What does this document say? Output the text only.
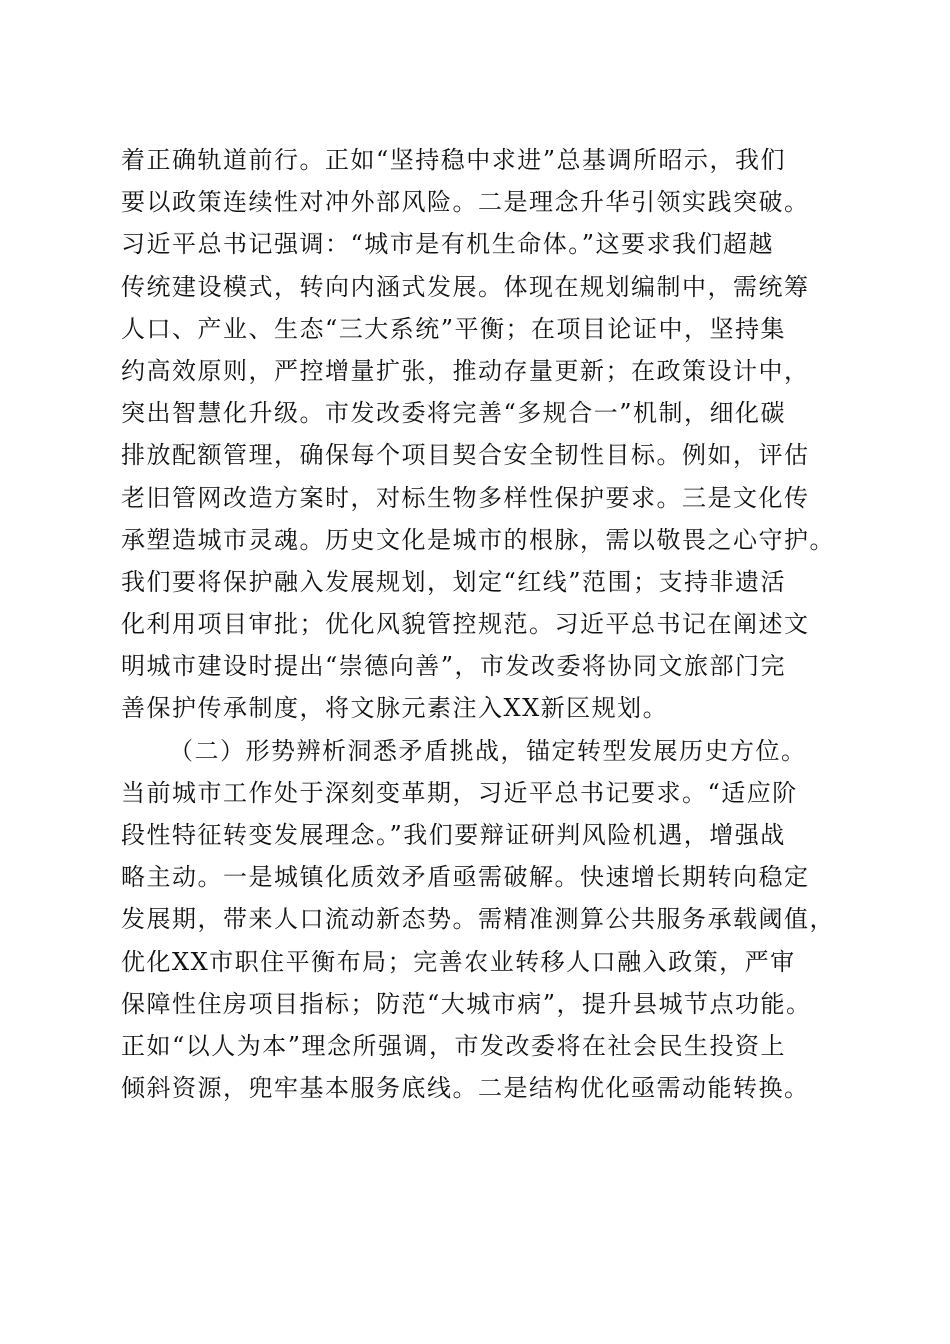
着正确轨道前行。正如“坚持稳中求进”总基调所昭示，我们
要以政策连续性对冲外部风险。二是理念升华引领实践突破。
习近平总书记强调：“城市是有机生命体。”这要求我们超越
传统建设模式，转向内涵式发展。体现在规划编制中，需统筹
人口、产业、生态“三大系统”平衡；在项目论证中，坚持集
约高效原则，严控增量扩张，推动存量更新；在政策设计中，
突出智慧化升级。市发改委将完善“多规合一”机制，细化碳
排放配额管理，确保每个项目契合安全韧性目标。例如，评估
老旧管网改造方案时，对标生物多样性保护要求。三是文化传
承塑造城市灵魂。历史文化是城市的根脉，需以敬畏之心守护。
我们要将保护融入发展规划，划定“红线”范围；支持非遗活
化利用项目审批；优化风貌管控规范。习近平总书记在阐述文
明城市建设时提出“崇德向善”，市发改委将协同文旅部门完
善保护传承制度，将文脉元素注入XX新区规划。
（二）形势辨析洞悉矛盾挑战，锚定转型发展历史方位。
当前城市工作处于深刻变革期，习近平总书记要求。“适应阶
段性特征转变发展理念。”我们要辩证研判风险机遇，增强战
略主动。一是城镇化质效矛盾亟需破解。快速增长期转向稳定
发展期，带来人口流动新态势。需精准测算公共服务承载阈值，
优化XX市职住平衡布局；完善农业转移人口融入政策，严审
保障性住房项目指标；防范“大城市病”，提升县城节点功能。
正如“以人为本”理念所强调，市发改委将在社会民生投资上
倾斜资源，兜牢基本服务底线。二是结构优化亟需动能转换。
